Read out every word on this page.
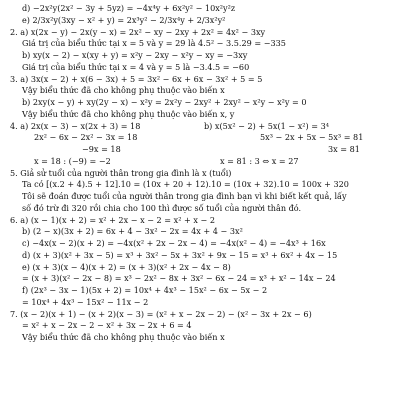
d) −2x²y(2x² − 3y + 5yz) = −4x⁴y + 6x²y² − 10x²y²z
e) 2/3x²y(3xy − x² + y) = 2x³y² − 2/3x⁴y + 2/3x²y²
2. a) x(2x − y) − 2x(y − x) = 2x² − xy − 2xy + 2x² = 4x² − 3xy
Giá trị của biểu thức tại x = 5 và y = 29 là 4.5² − 3.5.29 = −335
b) xy(x − 2) − x(xy + y) = x²y − 2xy − x²y − xy = −3xy
Giá trị của biểu thức tại x = 4 và y = 5 là −3.4.5 = −60
3. a) 3x(x − 2) + x(6 − 3x) + 5 = 3x² − 6x + 6x − 3x² + 5 = 5
Vậy biểu thức đã cho không phụ thuộc vào biến x
b) 2xy(x − y) + xy(2y − x) − x²y = 2x²y − 2xy² + 2xy² − x²y − x²y = 0
Vậy biểu thức đã cho không phụ thuộc vào biến x, y
4. a) 2x(x − 3) − x(2x + 3) = 18
2x² − 6x − 2x² − 3x = 18
−9x = 18
x = 18 : (−9) = −2
b) x(5x² − 2) + 5x(1 − x²) = 3⁴
5x³ − 2x + 5x − 5x³ = 81
3x = 81
x = 81 : 3 ⇔ x = 27
5. Giả sử tuổi của người thân trong gia đình là x (tuổi)
Ta có [(x.2 + 4).5 + 12].10 = (10x + 20 + 12).10 = (10x + 32).10 = 100x + 320
Tôi sẽ đoán được tuổi của người thân trong gia đình bạn vì khi biết kết quả, lấy
số đó trừ đi 320 rồi chia cho 100 thì được số tuổi của người thân đó.
6. a) (x − 1)(x + 2) = x² + 2x − x − 2 = x² + x − 2
b) (2 − x)(3x + 2) = 6x + 4 − 3x² − 2x = 4x + 4 − 3x²
c) −4x(x − 2)(x + 2) = −4x(x² + 2x − 2x − 4) = −4x(x² − 4) = −4x³ + 16x
d) (x + 3)(x² + 3x − 5) = x³ + 3x² − 5x + 3x² + 9x − 15 = x³ + 6x² + 4x − 15
e) (x + 3)(x − 4)(x + 2) = (x + 3)(x² + 2x − 4x − 8)
= (x + 3)(x² − 2x − 8) = x³ − 2x² − 8x + 3x² − 6x − 24 = x³ + x² − 14x − 24
f) (2x³ − 3x − 1)(5x + 2) = 10x⁴ + 4x³ − 15x² − 6x − 5x − 2
= 10x⁴ + 4x³ − 15x² − 11x − 2
7. (x − 2)(x + 1) − (x + 2)(x − 3) = (x² + x − 2x − 2) − (x² − 3x + 2x − 6)
= x² + x − 2x − 2 − x² + 3x − 2x + 6 = 4
Vậy biểu thức đã cho không phụ thuộc vào biến x
